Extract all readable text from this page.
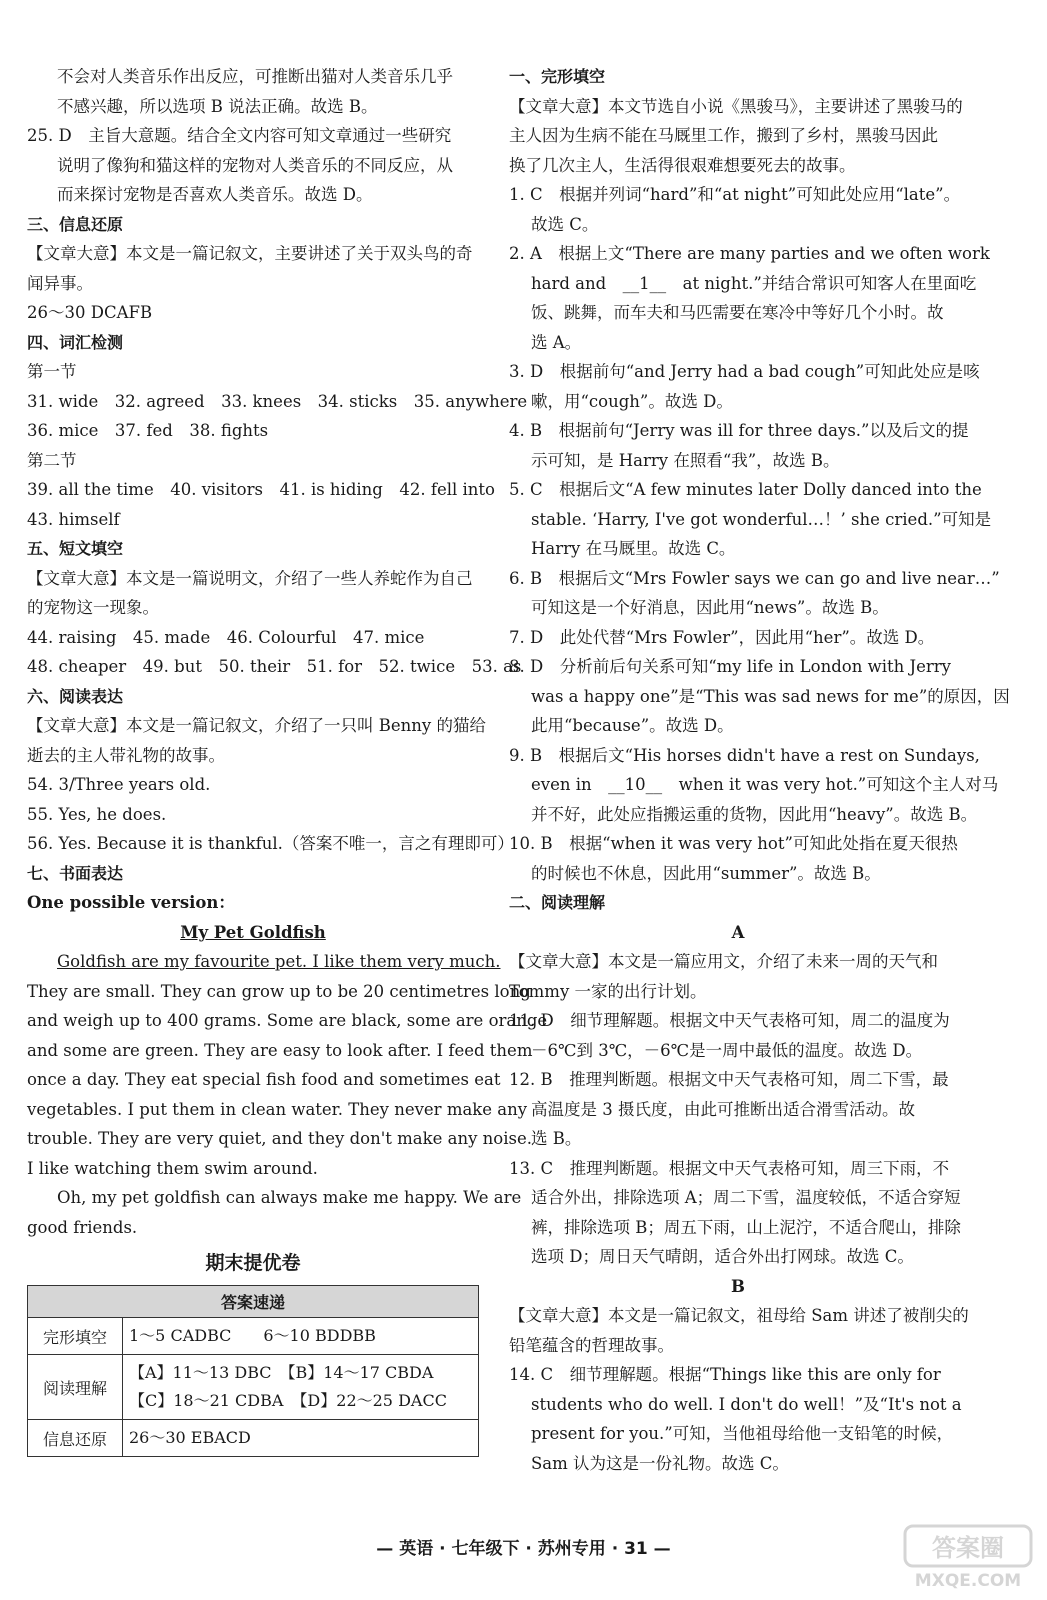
不会对人类音乐作出反应，可推断出猫对人类音乐几乎
不感兴趣，所以选项 B 说法正确。故选 B。
25. D　主旨大意题。结合全文内容可知文章通过一些研究
说明了像狗和猫这样的宠物对人类音乐的不同反应，从
而来探讨宠物是否喜欢人类音乐。故选 D。
三、信息还原
【文章大意】本文是一篇记叙文，主要讲述了关于双头鸟的奇
闻异事。
26～30 DCAFB
四、词汇检测
第一节
31. wide　32. agreed　33. knees　34. sticks　35. anywhere
36. mice　37. fed　38. fights
第二节
39. all the time　40. visitors　41. is hiding　42. fell into
43. himself
五、短文填空
【文章大意】本文是一篇说明文，介绍了一些人养蛇作为自己
的宠物这一现象。
44. raising　45. made　46. Colourful　47. mice
48. cheaper　49. but　50. their　51. for　52. twice　53. as
六、阅读表达
【文章大意】本文是一篇记叙文，介绍了一只叫 Benny 的猫给
逝去的主人带礼物的故事。
54. 3/Three years old.
55. Yes, he does.
56. Yes. Because it is thankful.（答案不唯一，言之有理即可）
七、书面表达
One possible version：
My Pet Goldfish
Goldfish are my favourite pet. I like them very much.
They are small. They can grow up to be 20 centimetres long
and weigh up to 400 grams. Some are black, some are orange
and some are green. They are easy to look after. I feed them
once a day. They eat special fish food and sometimes eat
vegetables. I put them in clean water. They never make any
trouble. They are very quiet, and they don't make any noise.
I like watching them swim around.
Oh, my pet goldfish can always make me happy. We are
good friends.
期末提优卷
答案速递	
完形填空	1～5 CADBC　　6～10 BDDBB

阅读理解	【A】11～13 DBC　【B】14～17 CBDA
【C】18～21 CDBA　【D】22～25 DACC

信息还原	26～30 EBACD
一、完形填空
【文章大意】本文节选自小说《黑骏马》，主要讲述了黑骏马的
主人因为生病不能在马厩里工作，搬到了乡村，黑骏马因此
换了几次主人，生活得很艰难想要死去的故事。
1. C　根据并列词“hard”和“at night”可知此处应用“late”。
故选 C。
2. A　根据上文“There are many parties and we often work
hard and　__1__　at night.”并结合常识可知客人在里面吃
饭、跳舞，而车夫和马匹需要在寒冷中等好几个小时。故
选 A。
3. D　根据前句“and Jerry had a bad cough”可知此处应是咳
嗽，用“cough”。故选 D。
4. B　根据前句“Jerry was ill for three days.”以及后文的提
示可知，是 Harry 在照看“我”，故选 B。
5. C　根据后文“A few minutes later Dolly danced into the
stable. ‘Harry, I've got wonderful…！’ she cried.”可知是
Harry 在马厩里。故选 C。
6. B　根据后文“Mrs Fowler says we can go and live near…”
可知这是一个好消息，因此用“news”。故选 B。
7. D　此处代替“Mrs Fowler”，因此用“her”。故选 D。
8. D　分析前后句关系可知“my life in London with Jerry
was a happy one”是“This was sad news for me”的原因，因
此用“because”。故选 D。
9. B　根据后文“His horses didn't have a rest on Sundays,
even in　__10__　when it was very hot.”可知这个主人对马
并不好，此处应指搬运重的货物，因此用“heavy”。故选 B。
10. B　根据“when it was very hot”可知此处指在夏天很热
的时候也不休息，因此用“summer”。故选 B。
二、阅读理解
A
【文章大意】本文是一篇应用文，介绍了未来一周的天气和
Tommy 一家的出行计划。
11. D　细节理解题。根据文中天气表格可知，周二的温度为
－6℃到 3℃，－6℃是一周中最低的温度。故选 D。
12. B　推理判断题。根据文中天气表格可知，周二下雪，最
高温度是 3 摄氏度，由此可推断出适合滑雪活动。故
选 B。
13. C　推理判断题。根据文中天气表格可知，周三下雨，不
适合外出，排除选项 A；周二下雪，温度较低，不适合穿短
裤，排除选项 B；周五下雨，山上泥泞，不适合爬山，排除
选项 D；周日天气晴朗，适合外出打网球。故选 C。
B
【文章大意】本文是一篇记叙文，祖母给 Sam 讲述了被削尖的
铅笔蕴含的哲理故事。
14. C　细节理解题。根据“Things like this are only for
students who do well. I don't do well！”及“It's not a
present for you.”可知，当他祖母给他一支铅笔的时候，
Sam 认为这是一份礼物。故选 C。
— 英语 · 七年级下 · 苏州专用 · 31 —	答案圈
MXQE.COM
